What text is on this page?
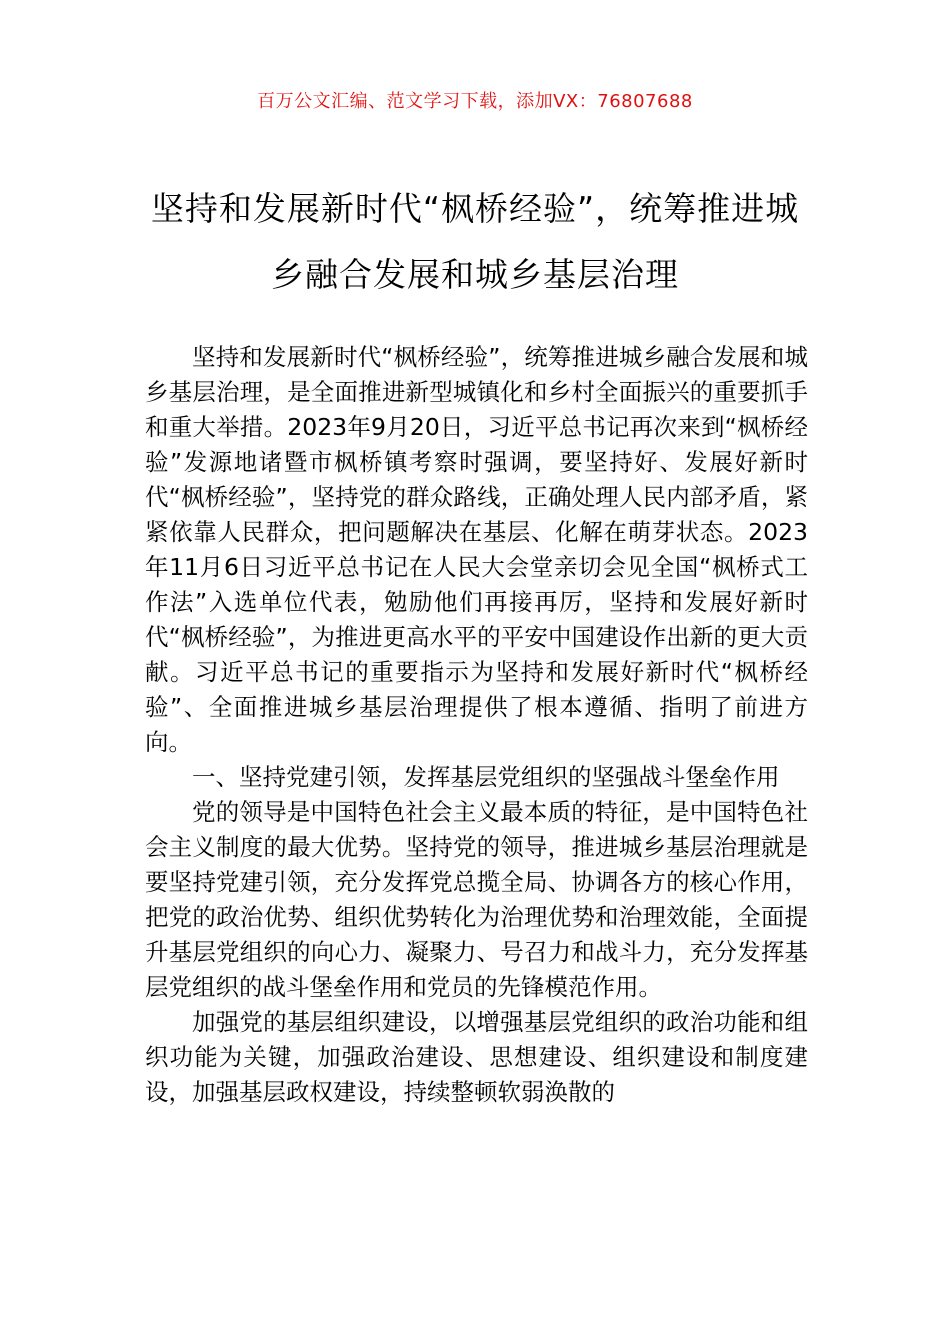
百万公文汇编、范文学习下载，添加VX：76807688
坚持和发展新时代“枫桥经验”，统筹推进城乡融合发展和城乡基层治理

坚持和发展新时代“枫桥经验”，统筹推进城乡融合发展和城乡基层治理，是全面推进新型城镇化和乡村全面振兴的重要抓手和重大举措。2023年9月20日，习近平总书记再次来到“枫桥经验”发源地诸暨市枫桥镇考察时强调，要坚持好、发展好新时代“枫桥经验”，坚持党的群众路线，正确处理人民内部矛盾，紧紧依靠人民群众，把问题解决在基层、化解在萌芽状态。2023年11月6日习近平总书记在人民大会堂亲切会见全国“枫桥式工作法”入选单位代表，勉励他们再接再厉，坚持和发展好新时代“枫桥经验”，为推进更高水平的平安中国建设作出新的更大贡献。习近平总书记的重要指示为坚持和发展好新时代“枫桥经验”、全面推进城乡基层治理提供了根本遵循、指明了前进方向。

一、坚持党建引领，发挥基层党组织的坚强战斗堡垒作用

党的领导是中国特色社会主义最本质的特征，是中国特色社会主义制度的最大优势。坚持党的领导，推进城乡基层治理就是要坚持党建引领，充分发挥党总揽全局、协调各方的核心作用，把党的政治优势、组织优势转化为治理优势和治理效能，全面提升基层党组织的向心力、凝聚力、号召力和战斗力，充分发挥基层党组织的战斗堡垒作用和党员的先锋模范作用。

加强党的基层组织建设，以增强基层党组织的政治功能和组织功能为关键，加强政治建设、思想建设、组织建设和制度建设，加强基层政权建设，持续整顿软弱涣散的
